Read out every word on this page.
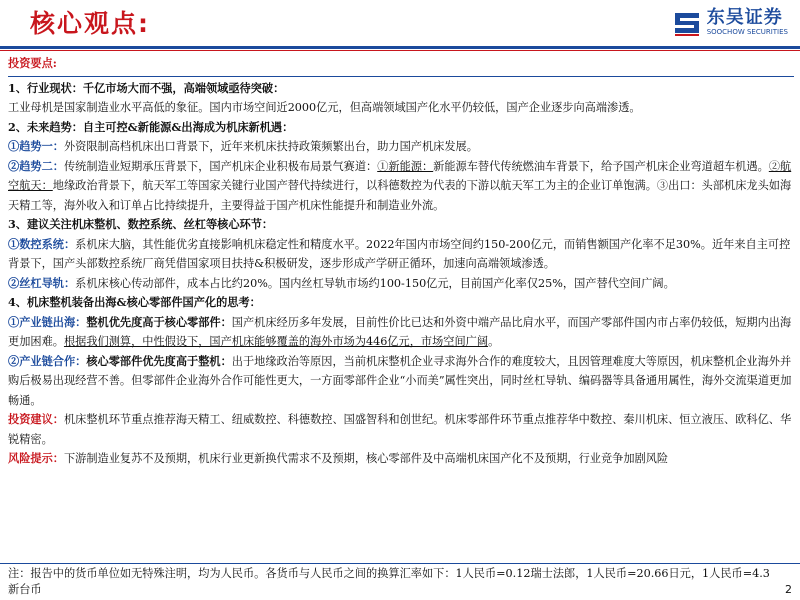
核心观点:	东吴证券
SOOCHOW SECURITIES

投资要点:

1、行业现状：千亿市场大而不强，高端领域亟待突破：

工业母机是国家制造业水平高低的象征。国内市场空间近2000亿元，但高端领域国产化水平仍较低，国产企业逐步向高端渗透。

2、未来趋势：自主可控&新能源&出海成为机床新机遇：

①趋势一：外资限制高档机床出口背景下，近年来机床扶持政策频繁出台，助力国产机床发展。

②趋势二：传统制造业短期承压背景下，国产机床企业积极布局景气赛道：①新能源：新能源车替代传统燃油车背景下，给予国产机床企业弯道超车机遇。②航空航天：地缘政治背景下，航天军工等国家关键行业国产替代持续进行，以科德数控为代表的下游以航天军工为主的企业订单饱满。③出口：头部机床龙头如海天精工等，海外收入和订单占比持续提升，主要得益于国产机床性能提升和制造业外流。

3、建议关注机床整机、数控系统、丝杠等核心环节：

①数控系统：系机床大脑，其性能优劣直接影响机床稳定性和精度水平。2022年国内市场空间约150-200亿元，而销售额国产化率不足30%。近年来自主可控背景下，国产头部数控系统厂商凭借国家项目扶持&积极研发，逐步形成产学研正循环，加速向高端领域渗透。

②丝杠导轨：系机床核心传动部件，成本占比约20%。国内丝杠导轨市场约100-150亿元，目前国产化率仅25%，国产替代空间广阔。

4、机床整机装备出海&核心零部件国产化的思考：

①产业链出海：整机优先度高于核心零部件：国产机床经历多年发展，目前性价比已达和外资中端产品比肩水平，而国产零部件国内市占率仍较低，短期内出海更加困难。根据我们测算，中性假设下，国产机床能够覆盖的海外市场为446亿元，市场空间广阔。

②产业链合作：核心零部件优先度高于整机：出于地缘政治等原因，当前机床整机企业寻求海外合作的难度较大，且因管理难度大等原因，机床整机企业海外并购后极易出现经营不善。但零部件企业海外合作可能性更大，一方面零部件企业“小而美”属性突出，同时丝杠导轨、编码器等具备通用属性，海外交流渠道更加畅通。

投资建议：机床整机环节重点推荐海天精工、纽威数控、科德数控、国盛智科和创世纪。机床零部件环节重点推荐华中数控、秦川机床、恒立液压、欧科亿、华锐精密。

风险提示：下游制造业复苏不及预期，机床行业更新换代需求不及预期，核心零部件及中高端机床国产化不及预期，行业竞争加剧风险

注：报告中的货币单位如无特殊注明，均为人民币。各货币与人民币之间的换算汇率如下：1人民币=0.12瑞士法郎，1人民币=20.66日元，1人民币=4.3新台币	2
